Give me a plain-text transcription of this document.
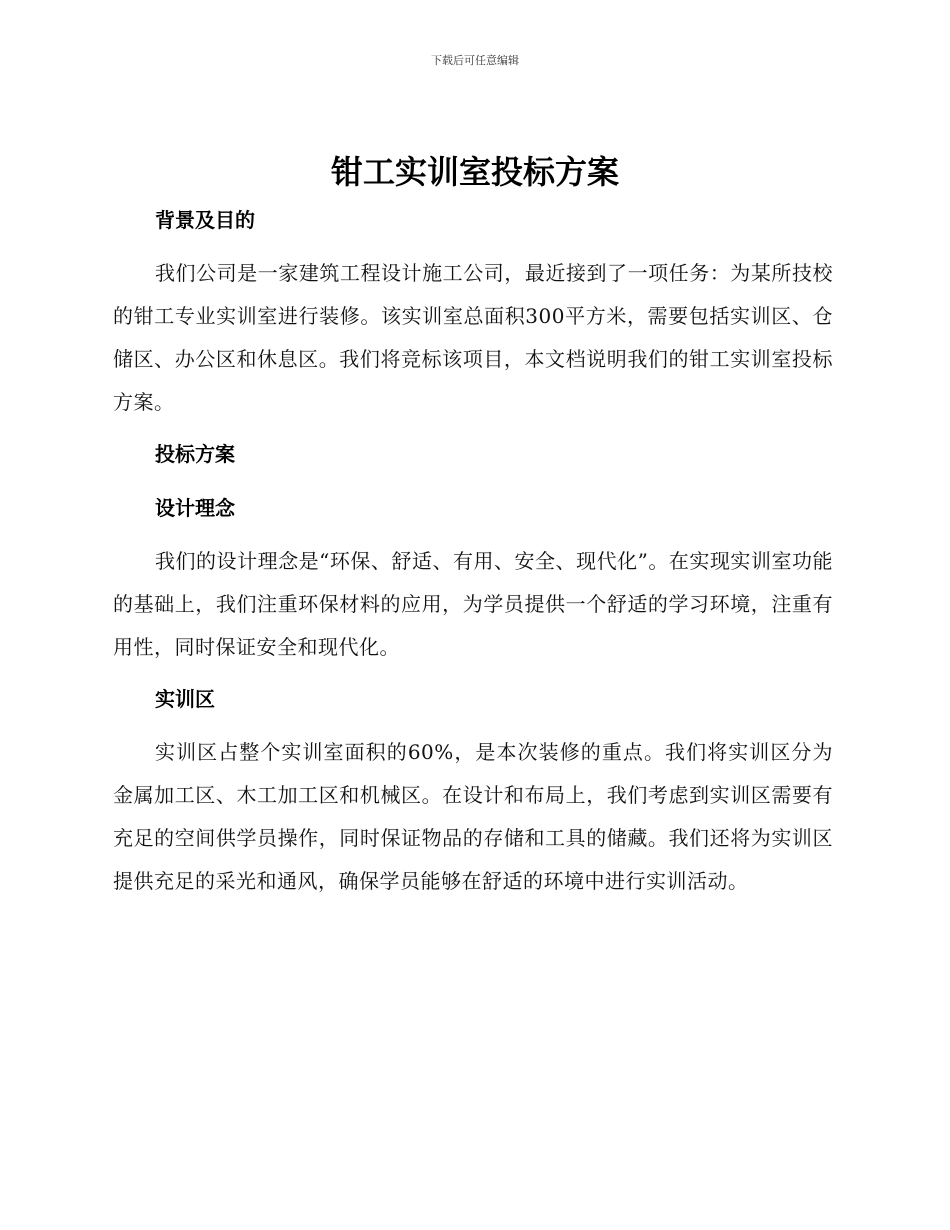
下载后可任意编辑
钳工实训室投标方案
背景及目的

我们公司是一家建筑工程设计施工公司，最近接到了一项任务：为某所技校的钳工专业实训室进行装修。该实训室总面积300平方米，需要包括实训区、仓储区、办公区和休息区。我们将竞标该项目，本文档说明我们的钳工实训室投标方案。

投标方案
设计理念

我们的设计理念是“环保、舒适、有用、安全、现代化”。在实现实训室功能的基础上，我们注重环保材料的应用，为学员提供一个舒适的学习环境，注重有用性，同时保证安全和现代化。

实训区

实训区占整个实训室面积的60%，是本次装修的重点。我们将实训区分为金属加工区、木工加工区和机械区。在设计和布局上，我们考虑到实训区需要有充足的空间供学员操作，同时保证物品的存储和工具的储藏。我们还将为实训区提供充足的采光和通风，确保学员能够在舒适的环境中进行实训活动。
